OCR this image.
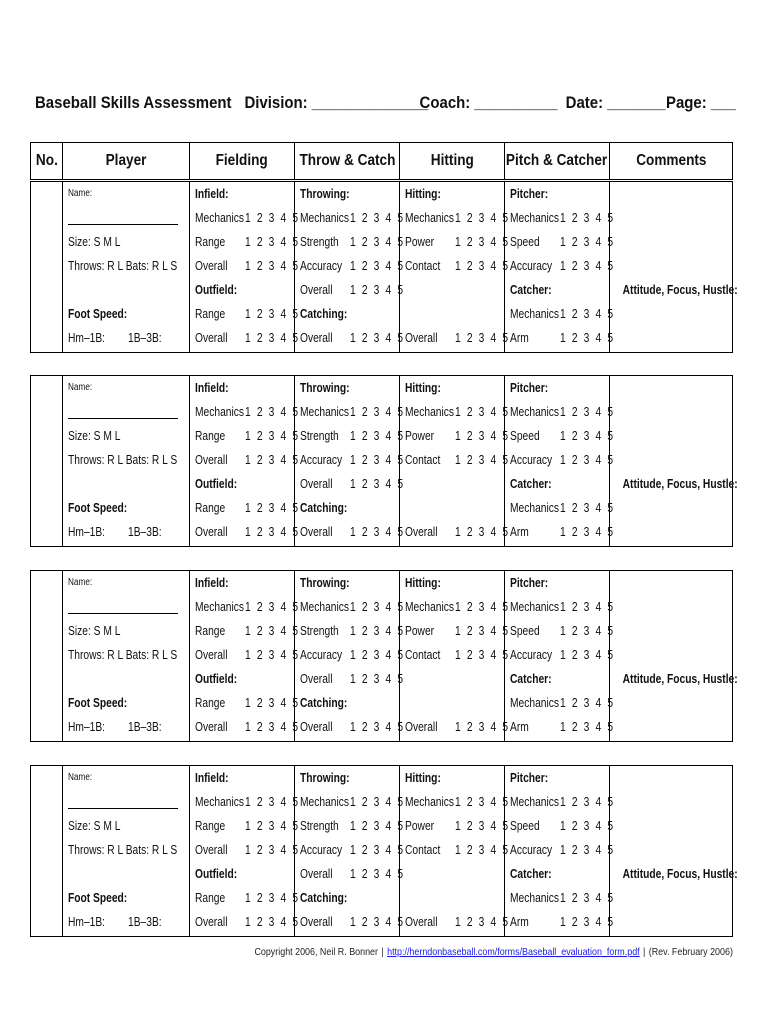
Baseball Skills Assessment Division: ______________
Coach: __________ Date: _______ Page: ___
No.	Player	Fielding Throw & Catch Hitting Pitch & Catcher Comments
Name:
Size: S M L
Throws: R L Bats: R L S
Foot Speed:
Hm–1B: 1B–3B:
Infield:
Mechanics 1 2 3 4 5
Range 1 2 3 4 5
Overall 1 2 3 4 5
Outfield:
Range 1 2 3 4 5
Overall 1 2 3 4 5
Throwing:
Mechanics 1 2 3 4 5
Strength 1 2 3 4 5
Accuracy 1 2 3 4 5
Overall 1 2 3 4 5
Catching:
Overall 1 2 3 4 5
Hitting:
Mechanics 1 2 3 4 5
Power 1 2 3 4 5
Contact 1 2 3 4 5
Overall 1 2 3 4 5
Pitcher:
Mechanics 1 2 3 4 5
Speed 1 2 3 4 5
Accuracy 1 2 3 4 5
Catcher:
Mechanics 1 2 3 4 5
Arm 1 2 3 4 5
Attitude, Focus, Hustle:
Name:
Size: S M L
Throws: R L Bats: R L S
Foot Speed:
Hm–1B: 1B–3B:
Infield:
Mechanics 1 2 3 4 5
Range 1 2 3 4 5
Overall 1 2 3 4 5
Outfield:
Range 1 2 3 4 5
Overall 1 2 3 4 5
Throwing:
Mechanics 1 2 3 4 5
Strength 1 2 3 4 5
Accuracy 1 2 3 4 5
Overall 1 2 3 4 5
Catching:
Overall 1 2 3 4 5
Hitting:
Mechanics 1 2 3 4 5
Power 1 2 3 4 5
Contact 1 2 3 4 5
Overall 1 2 3 4 5
Pitcher:
Mechanics 1 2 3 4 5
Speed 1 2 3 4 5
Accuracy 1 2 3 4 5
Catcher:
Mechanics 1 2 3 4 5
Arm 1 2 3 4 5
Attitude, Focus, Hustle:
Name:
Size: S M L
Throws: R L Bats: R L S
Foot Speed:
Hm–1B: 1B–3B:
Infield:
Mechanics 1 2 3 4 5
Range 1 2 3 4 5
Overall 1 2 3 4 5
Outfield:
Range 1 2 3 4 5
Overall 1 2 3 4 5
Throwing:
Mechanics 1 2 3 4 5
Strength 1 2 3 4 5
Accuracy 1 2 3 4 5
Overall 1 2 3 4 5
Catching:
Overall 1 2 3 4 5
Hitting:
Mechanics 1 2 3 4 5
Power 1 2 3 4 5
Contact 1 2 3 4 5
Overall 1 2 3 4 5
Pitcher:
Mechanics 1 2 3 4 5
Speed 1 2 3 4 5
Accuracy 1 2 3 4 5
Catcher:
Mechanics 1 2 3 4 5
Arm 1 2 3 4 5
Attitude, Focus, Hustle:
Name:
Size: S M L
Throws: R L Bats: R L S
Foot Speed:
Hm–1B: 1B–3B:
Infield:
Mechanics 1 2 3 4 5
Range 1 2 3 4 5
Overall 1 2 3 4 5
Outfield:
Range 1 2 3 4 5
Overall 1 2 3 4 5
Throwing:
Mechanics 1 2 3 4 5
Strength 1 2 3 4 5
Accuracy 1 2 3 4 5
Overall 1 2 3 4 5
Catching:
Overall 1 2 3 4 5
Hitting:
Mechanics 1 2 3 4 5
Power 1 2 3 4 5
Contact 1 2 3 4 5
Overall 1 2 3 4 5
Pitcher:
Mechanics 1 2 3 4 5
Speed 1 2 3 4 5
Accuracy 1 2 3 4 5
Catcher:
Mechanics 1 2 3 4 5
Arm 1 2 3 4 5
Attitude, Focus, Hustle:
Copyright 2006, Neil R. Bonner | http://herndonbaseball.com/forms/Baseball_evaluation_form.pdf | (Rev. February 2006)
